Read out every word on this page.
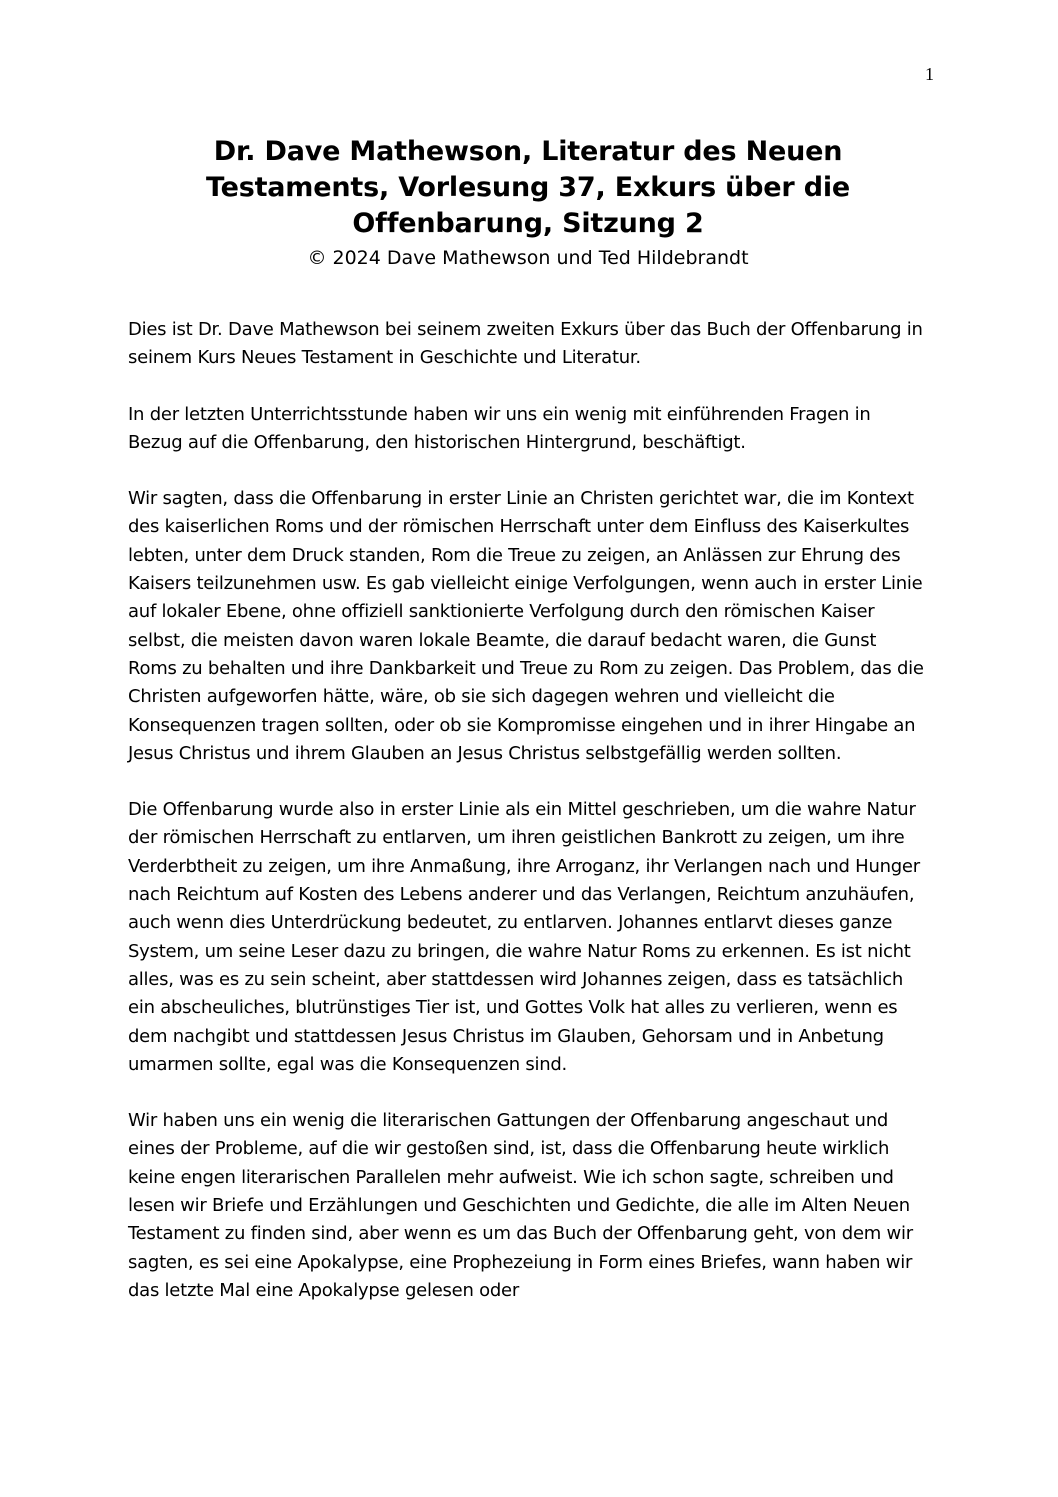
1
Dr. Dave Mathewson, Literatur des Neuen Testaments, Vorlesung 37, Exkurs über die Offenbarung, Sitzung 2

© 2024 Dave Mathewson und Ted Hildebrandt

Dies ist Dr. Dave Mathewson bei seinem zweiten Exkurs über das Buch der Offenbarung in seinem Kurs Neues Testament in Geschichte und Literatur.

In der letzten Unterrichtsstunde haben wir uns ein wenig mit einführenden Fragen in Bezug auf die Offenbarung, den historischen Hintergrund, beschäftigt.

Wir sagten, dass die Offenbarung in erster Linie an Christen gerichtet war, die im Kontext des kaiserlichen Roms und der römischen Herrschaft unter dem Einfluss des Kaiserkultes lebten, unter dem Druck standen, Rom die Treue zu zeigen, an Anlässen zur Ehrung des Kaisers teilzunehmen usw. Es gab vielleicht einige Verfolgungen, wenn auch in erster Linie auf lokaler Ebene, ohne offiziell sanktionierte Verfolgung durch den römischen Kaiser selbst, die meisten davon waren lokale Beamte, die darauf bedacht waren, die Gunst Roms zu behalten und ihre Dankbarkeit und Treue zu Rom zu zeigen. Das Problem, das die Christen aufgeworfen hätte, wäre, ob sie sich dagegen wehren und vielleicht die Konsequenzen tragen sollten, oder ob sie Kompromisse eingehen und in ihrer Hingabe an Jesus Christus und ihrem Glauben an Jesus Christus selbstgefällig werden sollten.

Die Offenbarung wurde also in erster Linie als ein Mittel geschrieben, um die wahre Natur der römischen Herrschaft zu entlarven, um ihren geistlichen Bankrott zu zeigen, um ihre Verderbtheit zu zeigen, um ihre Anmaßung, ihre Arroganz, ihr Verlangen nach und Hunger nach Reichtum auf Kosten des Lebens anderer und das Verlangen, Reichtum anzuhäufen, auch wenn dies Unterdrückung bedeutet, zu entlarven. Johannes entlarvt dieses ganze System, um seine Leser dazu zu bringen, die wahre Natur Roms zu erkennen. Es ist nicht alles, was es zu sein scheint, aber stattdessen wird Johannes zeigen, dass es tatsächlich ein abscheuliches, blutrünstiges Tier ist, und Gottes Volk hat alles zu verlieren, wenn es dem nachgibt und stattdessen Jesus Christus im Glauben, Gehorsam und in Anbetung umarmen sollte, egal was die Konsequenzen sind.

Wir haben uns ein wenig die literarischen Gattungen der Offenbarung angeschaut und eines der Probleme, auf die wir gestoßen sind, ist, dass die Offenbarung heute wirklich keine engen literarischen Parallelen mehr aufweist. Wie ich schon sagte, schreiben und lesen wir Briefe und Erzählungen und Geschichten und Gedichte, die alle im Alten Neuen Testament zu finden sind, aber wenn es um das Buch der Offenbarung geht, von dem wir sagten, es sei eine Apokalypse, eine Prophezeiung in Form eines Briefes, wann haben wir das letzte Mal eine Apokalypse gelesen oder
